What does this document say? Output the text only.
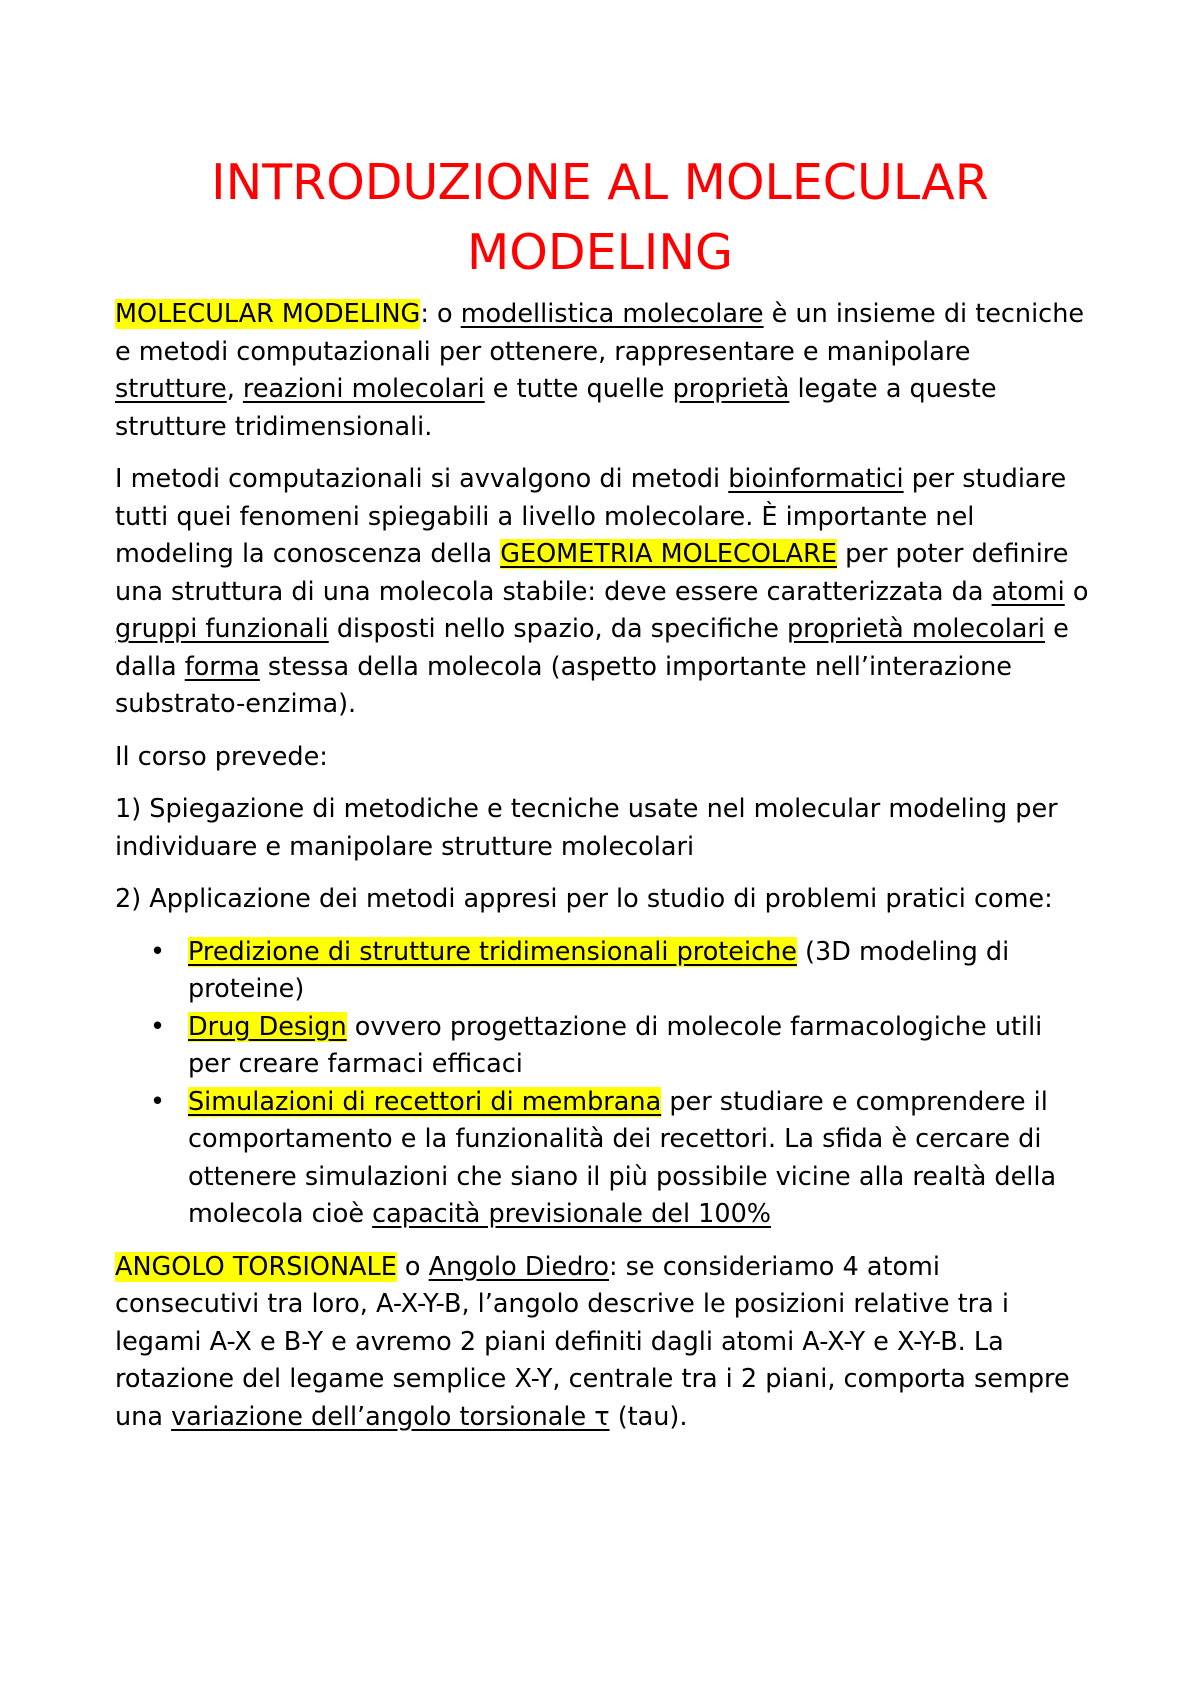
INTRODUZIONE AL MOLECULAR
MODELING

MOLECULAR MODELING: o modellistica molecolare è un insieme di tecniche e metodi computazionali per ottenere, rappresentare e manipolare strutture, reazioni molecolari e tutte quelle proprietà legate a queste strutture tridimensionali.

I metodi computazionali si avvalgono di metodi bioinformatici per studiare tutti quei fenomeni spiegabili a livello molecolare. È importante nel modeling la conoscenza della GEOMETRIA MOLECOLARE per poter definire una struttura di una molecola stabile: deve essere caratterizzata da atomi o gruppi funzionali disposti nello spazio, da specifiche proprietà molecolari e dalla forma stessa della molecola (aspetto importante nell’interazione substrato-enzima).

Il corso prevede:

1) Spiegazione di metodiche e tecniche usate nel molecular modeling per individuare e manipolare strutture molecolari

2) Applicazione dei metodi appresi per lo studio di problemi pratici come:

• Predizione di strutture tridimensionali proteiche (3D modeling di proteine)
• Drug Design ovvero progettazione di molecole farmacologiche utili per creare farmaci efficaci
• Simulazioni di recettori di membrana per studiare e comprendere il comportamento e la funzionalità dei recettori. La sfida è cercare di ottenere simulazioni che siano il più possibile vicine alla realtà della molecola cioè capacità previsionale del 100%

ANGOLO TORSIONALE o Angolo Diedro: se consideriamo 4 atomi consecutivi tra loro, A-X-Y-B, l’angolo descrive le posizioni relative tra i legami A-X e B-Y e avremo 2 piani definiti dagli atomi A-X-Y e X-Y-B. La rotazione del legame semplice X-Y, centrale tra i 2 piani, comporta sempre una variazione dell’angolo torsionale τ (tau).
